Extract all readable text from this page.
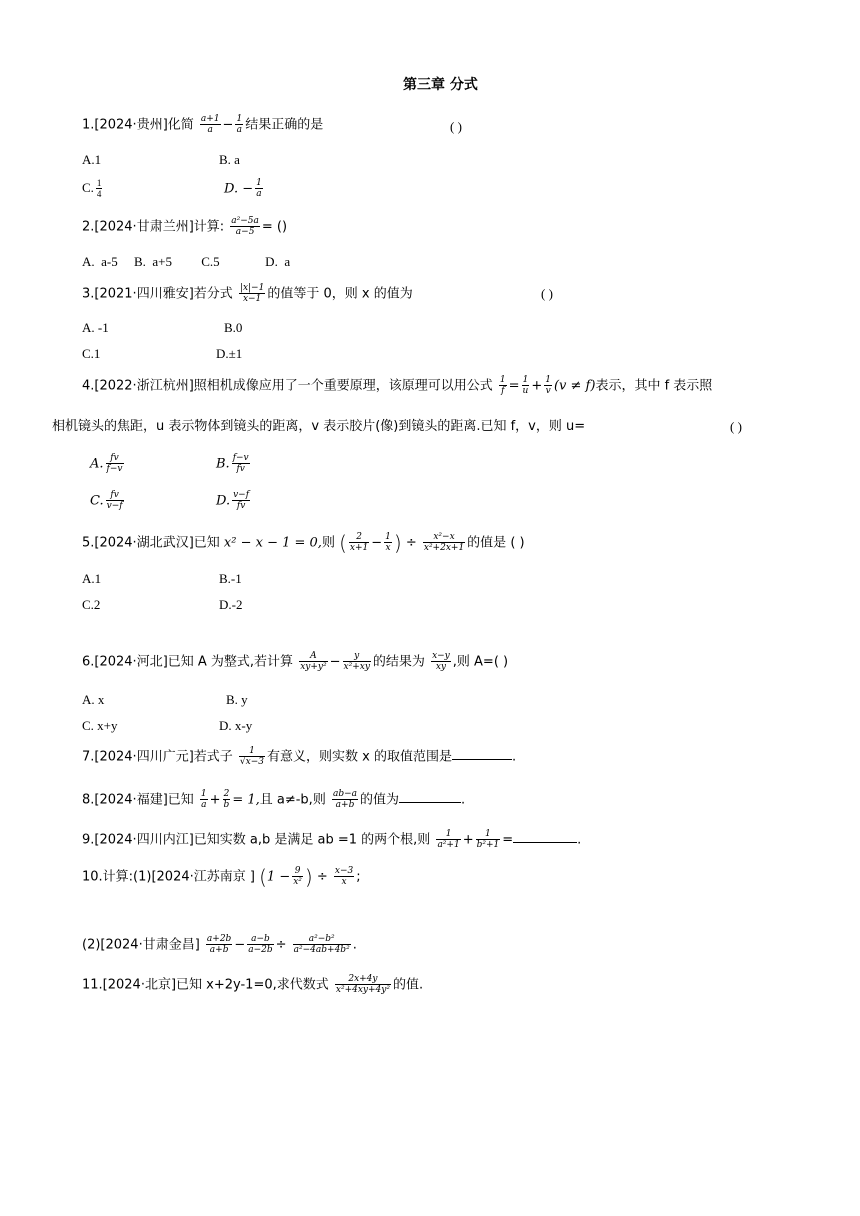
第三章 分式
1.[2024·贵州]化简 $\frac{a+1}{a} - \frac{1}{a}$ 结果正确的是	( )
A.1	B. a
C. $\frac{1}{4}$	D. − $\frac{1}{a}$
2.[2024·甘肃兰州]计算: $\frac{\text{a²−5a}}{a-5}$ = ()
A.  a-5     B.  a+5         C.5              D.  a
3.[2021·四川雅安]若分式 $\frac{|x|-1}{x-1}$ 的值等于 0，则 x 的值为	( )
A. -1	B.0
C.1	D.±1
4.[2022·浙江杭州]照相机成像应用了一个重要原理，该原理可以用公式 $\frac{1}{f} = \frac{1}{u} + \frac{1}{v} (v \ne f)$表示，其中 f 表示照
相机镜头的焦距，u 表示物体到镜头的距离，v 表示胶片(像)到镜头的距离.已知 f，v，则 u=	( )
A. $\frac{fv}{f-v}$	B. $\frac{f-v}{fv}$
C. $\frac{fv}{v-f}$	D. $\frac{v-f}{fv}$
5.[2024·湖北武汉]已知 x² − x − 1 = 0,则 ( $\frac{2}{x+1} - \frac{1}{x}$ ) ÷ $\frac{\text{x²−x}}{\text{x²+2x+1}}$ 的值是 ( )
A.1	B.-1
C.2	D.-2
6.[2024·河北]已知 A 为整式,若计算 $\frac{A}{\text{xy+y²}} - \frac{y}{\text{x²+xy}}$ 的结果为 $\frac{x-y}{xy}$ ,则 A=( )
A. x	B. y
C. x+y	D. x-y
7.[2024·四川广元]若式子 $\frac{1}{√x-3}$ 有意义，则实数 x 的取值范围是	.
8.[2024·福建]已知 $\frac{1}{a} + \frac{2}{b} = 1$,且 a≠-b,则 $\frac{ab-a}{a+b}$ 的值为	.
9.[2024·四川内江]已知实数 a,b 是满足 ab =1 的两个根,则 $\frac{1}{\text{a²+1}} + \frac{1}{\text{b²+1}}$ =	.
10.计算:(1)[2024·江苏南京 ] ($1 - \frac{9}{\text{x²}}$ ) ÷ $\frac{x-3}{x}$ ;
(2)[2024·甘肃金昌] $\frac{a+2b}{a+b} - \frac{a-b}{a-2b} \div \frac{\text{a²−b²}}{\text{a²−4ab+4b²}}$ .
11.[2024·北京]已知 x+2y-1=0,求代数式 $\frac{2x+4y}{\text{x²+4xy+4y²}}$ 的值.
